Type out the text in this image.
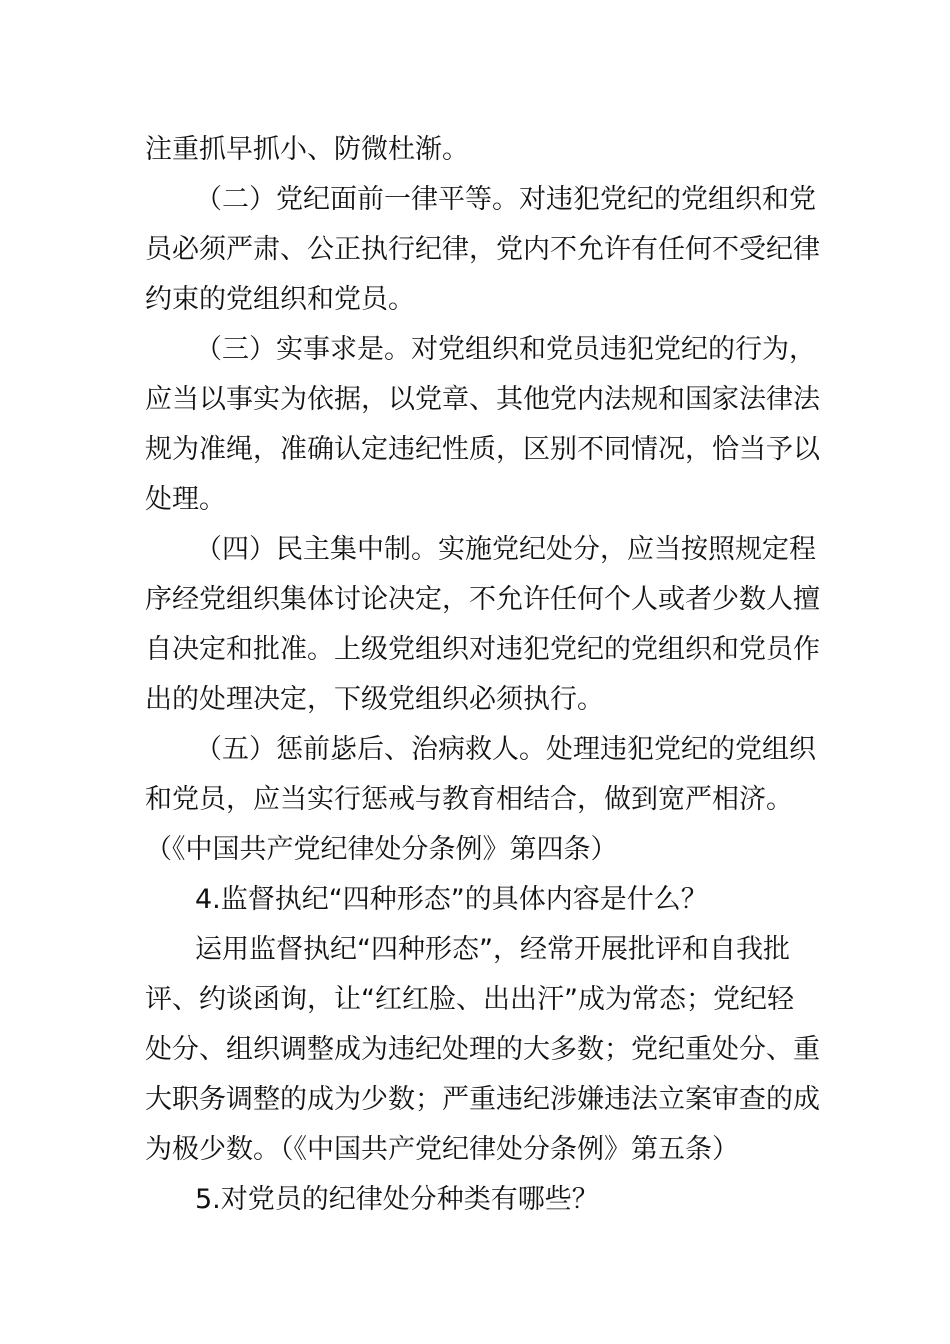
注重抓早抓小、防微杜渐。
（二）党纪面前一律平等。对违犯党纪的党组织和党
员必须严肃、公正执行纪律，党内不允许有任何不受纪律
约束的党组织和党员。
（三）实事求是。对党组织和党员违犯党纪的行为，
应当以事实为依据，以党章、其他党内法规和国家法律法
规为准绳，准确认定违纪性质，区别不同情况，恰当予以
处理。
（四）民主集中制。实施党纪处分，应当按照规定程
序经党组织集体讨论决定，不允许任何个人或者少数人擅
自决定和批准。上级党组织对违犯党纪的党组织和党员作
出的处理决定，下级党组织必须执行。
（五）惩前毖后、治病救人。处理违犯党纪的党组织
和党员，应当实行惩戒与教育相结合，做到宽严相济。
（《中国共产党纪律处分条例》第四条）
4.监督执纪“四种形态”的具体内容是什么？
运用监督执纪“四种形态”，经常开展批评和自我批
评、约谈函询，让“红红脸、出出汗”成为常态；党纪轻
处分、组织调整成为违纪处理的大多数；党纪重处分、重
大职务调整的成为少数；严重违纪涉嫌违法立案审查的成
为极少数。（《中国共产党纪律处分条例》第五条）
5.对党员的纪律处分种类有哪些？
